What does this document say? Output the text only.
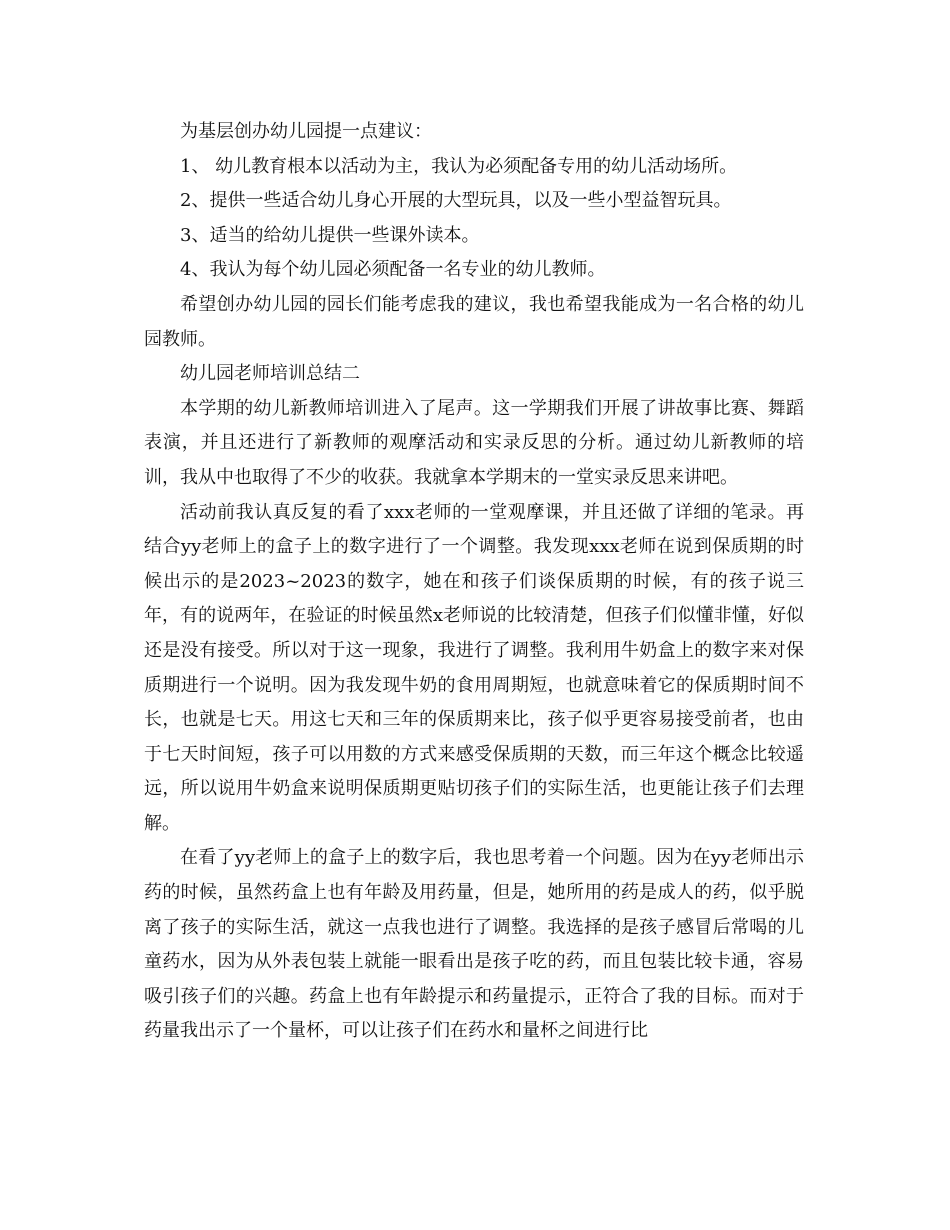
为基层创办幼儿园提一点建议：

1、 幼儿教育根本以活动为主，我认为必须配备专用的幼儿活动场所。

2、提供一些适合幼儿身心开展的大型玩具，以及一些小型益智玩具。

3、适当的给幼儿提供一些课外读本。

4、我认为每个幼儿园必须配备一名专业的幼儿教师。

希望创办幼儿园的园长们能考虑我的建议，我也希望我能成为一名合格的幼儿园教师。

幼儿园老师培训总结二

本学期的幼儿新教师培训进入了尾声。这一学期我们开展了讲故事比赛、舞蹈表演，并且还进行了新教师的观摩活动和实录反思的分析。通过幼儿新教师的培训，我从中也取得了不少的收获。我就拿本学期末的一堂实录反思来讲吧。

活动前我认真反复的看了xxx老师的一堂观摩课，并且还做了详细的笔录。再结合yy老师上的盒子上的数字进行了一个调整。我发现xxx老师在说到保质期的时候出示的是2023~2023的数字，她在和孩子们谈保质期的时候，有的孩子说三年，有的说两年，在验证的时候虽然x老师说的比较清楚，但孩子们似懂非懂，好似还是没有接受。所以对于这一现象，我进行了调整。我利用牛奶盒上的数字来对保质期进行一个说明。因为我发现牛奶的食用周期短，也就意味着它的保质期时间不长，也就是七天。用这七天和三年的保质期来比，孩子似乎更容易接受前者，也由于七天时间短，孩子可以用数的方式来感受保质期的天数，而三年这个概念比较遥远，所以说用牛奶盒来说明保质期更贴切孩子们的实际生活，也更能让孩子们去理解。

在看了yy老师上的盒子上的数字后，我也思考着一个问题。因为在yy老师出示药的时候，虽然药盒上也有年龄及用药量，但是，她所用的药是成人的药，似乎脱离了孩子的实际生活，就这一点我也进行了调整。我选择的是孩子感冒后常喝的儿童药水，因为从外表包装上就能一眼看出是孩子吃的药，而且包装比较卡通，容易吸引孩子们的兴趣。药盒上也有年龄提示和药量提示，正符合了我的目标。而对于药量我出示了一个量杯，可以让孩子们在药水和量杯之间进行比
